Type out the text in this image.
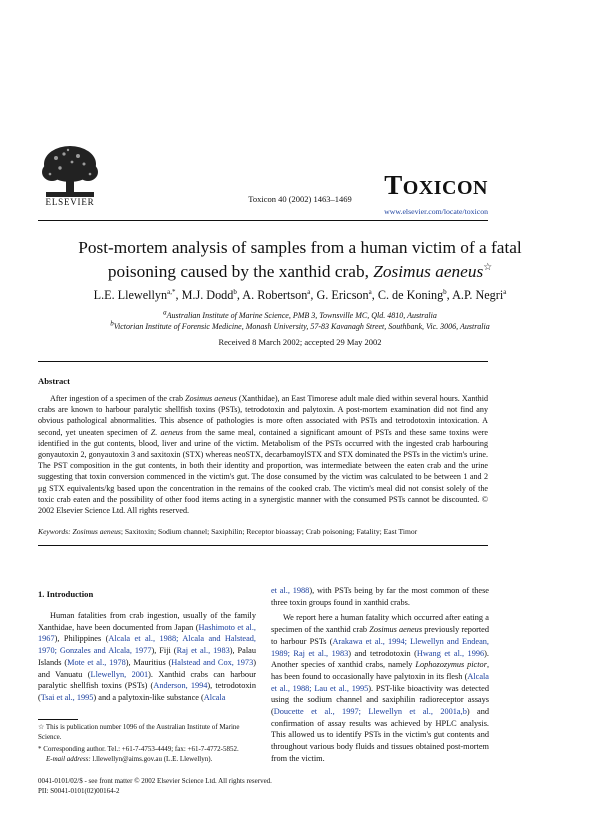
ELSEVIER	Toxicon 40 (2002) 1463–1469	TOXICON
www.elsevier.com/locate/toxicon
Post-mortem analysis of samples from a human victim of a fatal
poisoning caused by the xanthid crab, Zosimus aeneus☆
L.E. Llewellyn$^{a,*}$, M.J. Dodd$^b$, A. Robertson$^a$, G. Ericson$^a$, C. de Koning$^b$, A.P. Negri$^a$
$^a$Australian Institute of Marine Science, PMB 3, Townsville MC, Qld. 4810, Australia
$^b$Victorian Institute of Forensic Medicine, Monash University, 57-83 Kavanagh Street, Southbank, Vic. 3006, Australia
Received 8 March 2002; accepted 29 May 2002
Abstract
After ingestion of a specimen of the crab Zosimus aeneus (Xanthidae), an East Timorese adult male died within several hours. Xanthid crabs are known to harbour paralytic shellfish toxins (PSTs), tetrodotoxin and palytoxin. A post-mortem examination did not find any obvious pathological abnormalities. This absence of pathologies is more often associated with PSTs and tetrodotoxin intoxication. A second, yet uneaten specimen of Z. aeneus from the same meal, contained a significant amount of PSTs and these same toxins were identified in the gut contents, blood, liver and urine of the victim. Metabolism of the PSTs occurred with the ingested crab harbouring gonyautoxin 2, gonyautoxin 3 and saxitoxin (STX) whereas neoSTX, decarbamoylSTX and STX dominated the PSTs in the victim's urine. The PST composition in the gut contents, in both their identity and proportion, was intermediate between the eaten crab and the urine suggesting that toxin conversion commenced in the victim's gut. The dose consumed by the victim was calculated to be between 1 and 2 μg STX equivalents/kg based upon the concentration in the remains of the cooked crab. The victim's meal did not consist solely of the toxic crab eaten and the possibility of other food items acting in a synergistic manner with the consumed PSTs cannot be discounted. © 2002 Elsevier Science Ltd. All rights reserved.
Keywords: Zosimus aeneus; Saxitoxin; Sodium channel; Saxiphilin; Receptor bioassay; Crab poisoning; Fatality; East Timor
1. Introduction

Human fatalities from crab ingestion, usually of the family Xanthidae, have been documented from Japan (Hashimoto et al., 1967), Philippines (Alcala et al., 1988; Alcala and Halstead, 1970; Gonzales and Alcala, 1977), Fiji (Raj et al., 1983), Palau Islands (Mote et al., 1978), Mauritius (Halstead and Cox, 1973) and Vanuatu (Llewellyn, 2001). Xanthid crabs can harbour paralytic shellfish toxins (PSTs) (Anderson, 1994), tetrodotoxin (Tsai et al., 1995) and a palytoxin-like substance (Alcala

et al., 1988), with PSTs being by far the most common of these three toxin groups found in xanthid crabs.

We report here a human fatality which occurred after eating a specimen of the xanthid crab Zosimus aeneus previously reported to harbour PSTs (Arakawa et al., 1994; Llewellyn and Endean, 1989; Raj et al., 1983) and tetrodotoxin (Hwang et al., 1996). Another species of xanthid crabs, namely Lophozozymus pictor, has been found to occasionally have palytoxin in its flesh (Alcala et al., 1988; Lau et al., 1995). PST-like bioactivity was detected using the sodium channel and saxiphilin radioreceptor assays (Doucette et al., 1997; Llewellyn et al., 2001a,b) and confirmation of assay results was achieved by HPLC analysis. This allowed us to identify PSTs in the victim's gut contents and throughout various body fluids and tissues obtained post-mortem from the victim.

☆ This is publication number 1096 of the Australian Institute of Marine Science.

* Corresponding author. Tel.: +61-7-4753-4449; fax: +61-7-4772-5852.

E-mail address: l.llewellyn@aims.gov.au (L.E. Llewellyn).

0041-0101/02/$ - see front matter © 2002 Elsevier Science Ltd. All rights reserved.
PII: S0041-0101(02)00164-2
